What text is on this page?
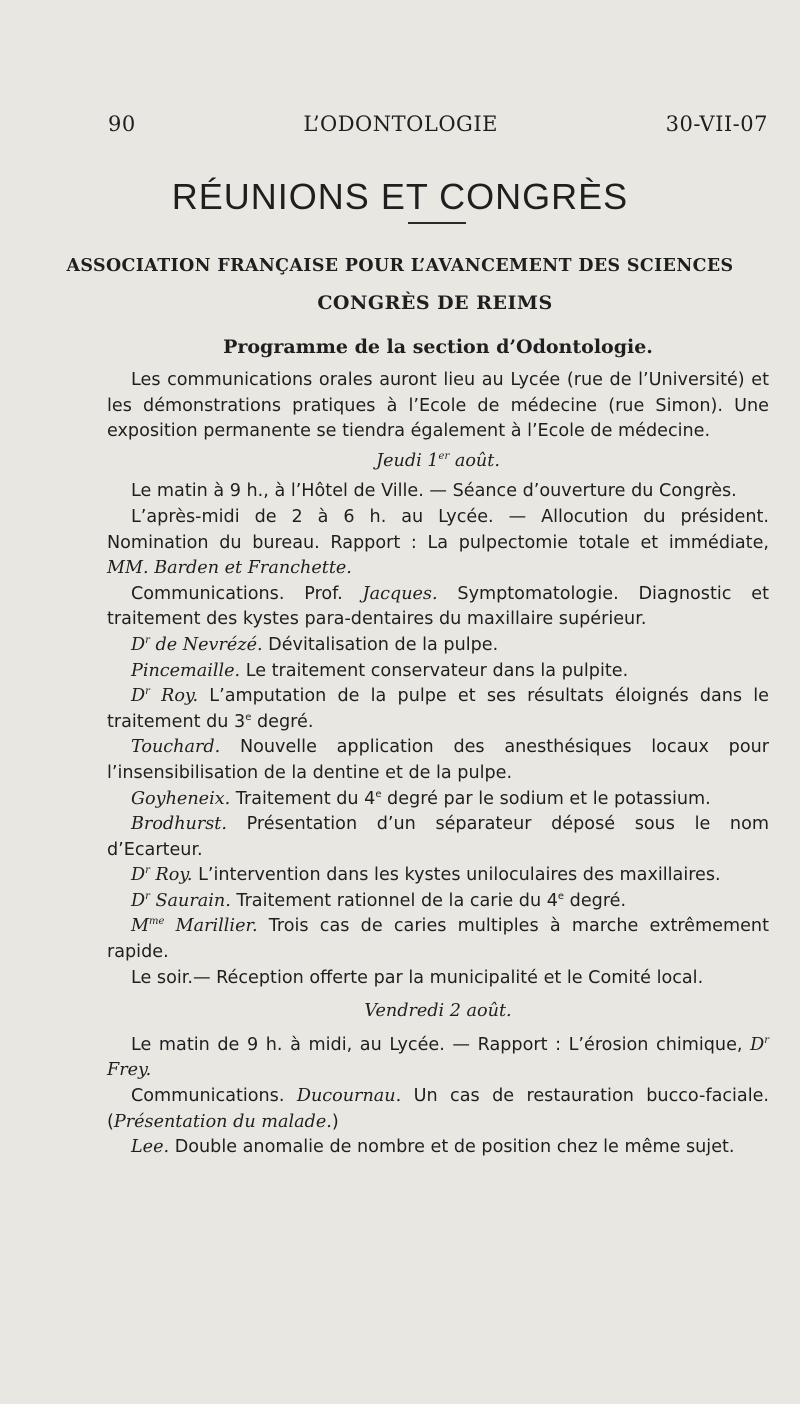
90	L’ODONTOLOGIE	30-VII-07
RÉUNIONS ET CONGRÈS
ASSOCIATION FRANÇAISE POUR L’AVANCEMENT DES SCIENCES
CONGRÈS DE REIMS
Programme de la section d’Odontologie.

Les communications orales auront lieu au Lycée (rue de l’Université) et les démonstrations pratiques à l’Ecole de médecine (rue Simon). Une exposition permanente se tiendra également à l’Ecole de médecine.

Jeudi 1er août.

Le matin à 9 h., à l’Hôtel de Ville. — Séance d’ouverture du Congrès.

L’après-midi de 2 à 6 h. au Lycée. — Allocution du président. Nomination du bureau. Rapport : La pulpectomie totale et immédiate, MM. Barden et Franchette.

Communications. Prof. Jacques. Symptomatologie. Diagnostic et traitement des kystes para-dentaires du maxillaire supérieur.

$D^r$ de Nevrézé. Dévitalisation de la pulpe.

Pincemaille. Le traitement conservateur dans la pulpite.

$D^r$ Roy. L’amputation de la pulpe et ses résultats éloignés dans le traitement du 3e degré.

Touchard. Nouvelle application des anesthésiques locaux pour l’insensibilisation de la dentine et de la pulpe.

Goyheneix. Traitement du 4e degré par le sodium et le potassium.

Brodhurst. Présentation d’un séparateur déposé sous le nom d’Ecarteur.

$D^r$ Roy. L’intervention dans les kystes uniloculaires des maxillaires.

$D^r$ Saurain. Traitement rationnel de la carie du 4e degré.

$M^{me}$ Marillier. Trois cas de caries multiples à marche extrêmement rapide.

Le soir.— Réception offerte par la municipalité et le Comité local.

Vendredi 2 août.

Le matin de 9 h. à midi, au Lycée. — Rapport : L’érosion chimique, $D^r$ Frey.

Communications. Ducournau. Un cas de restauration bucco-faciale. (Présentation du malade.)

Lee. Double anomalie de nombre et de position chez le même sujet.
